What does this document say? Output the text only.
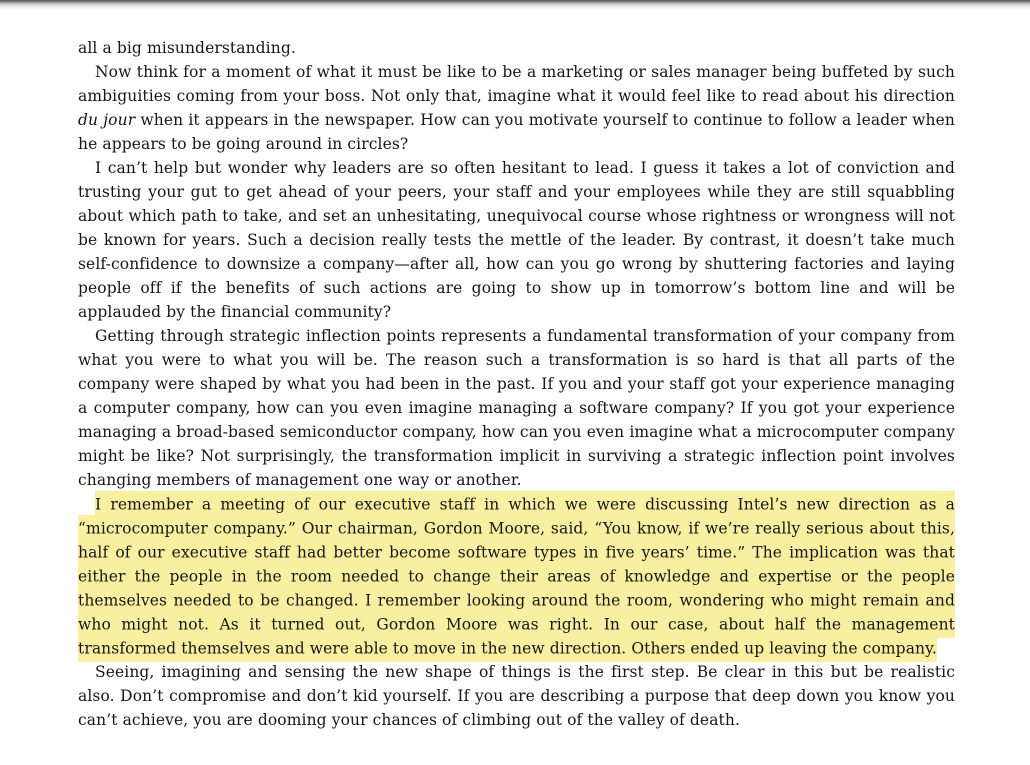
all a big misunderstanding.

Now think for a moment of what it must be like to be a marketing or sales manager being buffeted by such ambiguities coming from your boss. Not only that, imagine what it would feel like to read about his direction du jour when it appears in the newspaper. How can you motivate yourself to continue to follow a leader when he appears to be going around in circles?

I can’t help but wonder why leaders are so often hesitant to lead. I guess it takes a lot of conviction and trusting your gut to get ahead of your peers, your staff and your employees while they are still squabbling about which path to take, and set an unhesitating, unequivocal course whose rightness or wrongness will not be known for years. Such a decision really tests the mettle of the leader. By contrast, it doesn’t take much self-confidence to downsize a company—after all, how can you go wrong by shuttering factories and laying people off if the benefits of such actions are going to show up in tomorrow’s bottom line and will be applauded by the financial community?

Getting through strategic inflection points represents a fundamental transformation of your company from what you were to what you will be. The reason such a transformation is so hard is that all parts of the company were shaped by what you had been in the past. If you and your staff got your experience managing a computer company, how can you even imagine managing a software company? If you got your experience managing a broad-based semiconductor company, how can you even imagine what a microcomputer company might be like? Not surprisingly, the transformation implicit in surviving a strategic inflection point involves changing members of management one way or another.

I remember a meeting of our executive staff in which we were discussing Intel’s new direction as a “microcomputer company.” Our chairman, Gordon Moore, said, “You know, if we’re really serious about this, half of our executive staff had better become software types in five years’ time.” The implication was that either the people in the room needed to change their areas of knowledge and expertise or the people themselves needed to be changed. I remember looking around the room, wondering who might remain and who might not. As it turned out, Gordon Moore was right. In our case, about half the management transformed themselves and were able to move in the new direction. Others ended up leaving the company.

Seeing, imagining and sensing the new shape of things is the first step. Be clear in this but be realistic also. Don’t compromise and don’t kid yourself. If you are describing a purpose that deep down you know you can’t achieve, you are dooming your chances of climbing out of the valley of death.
